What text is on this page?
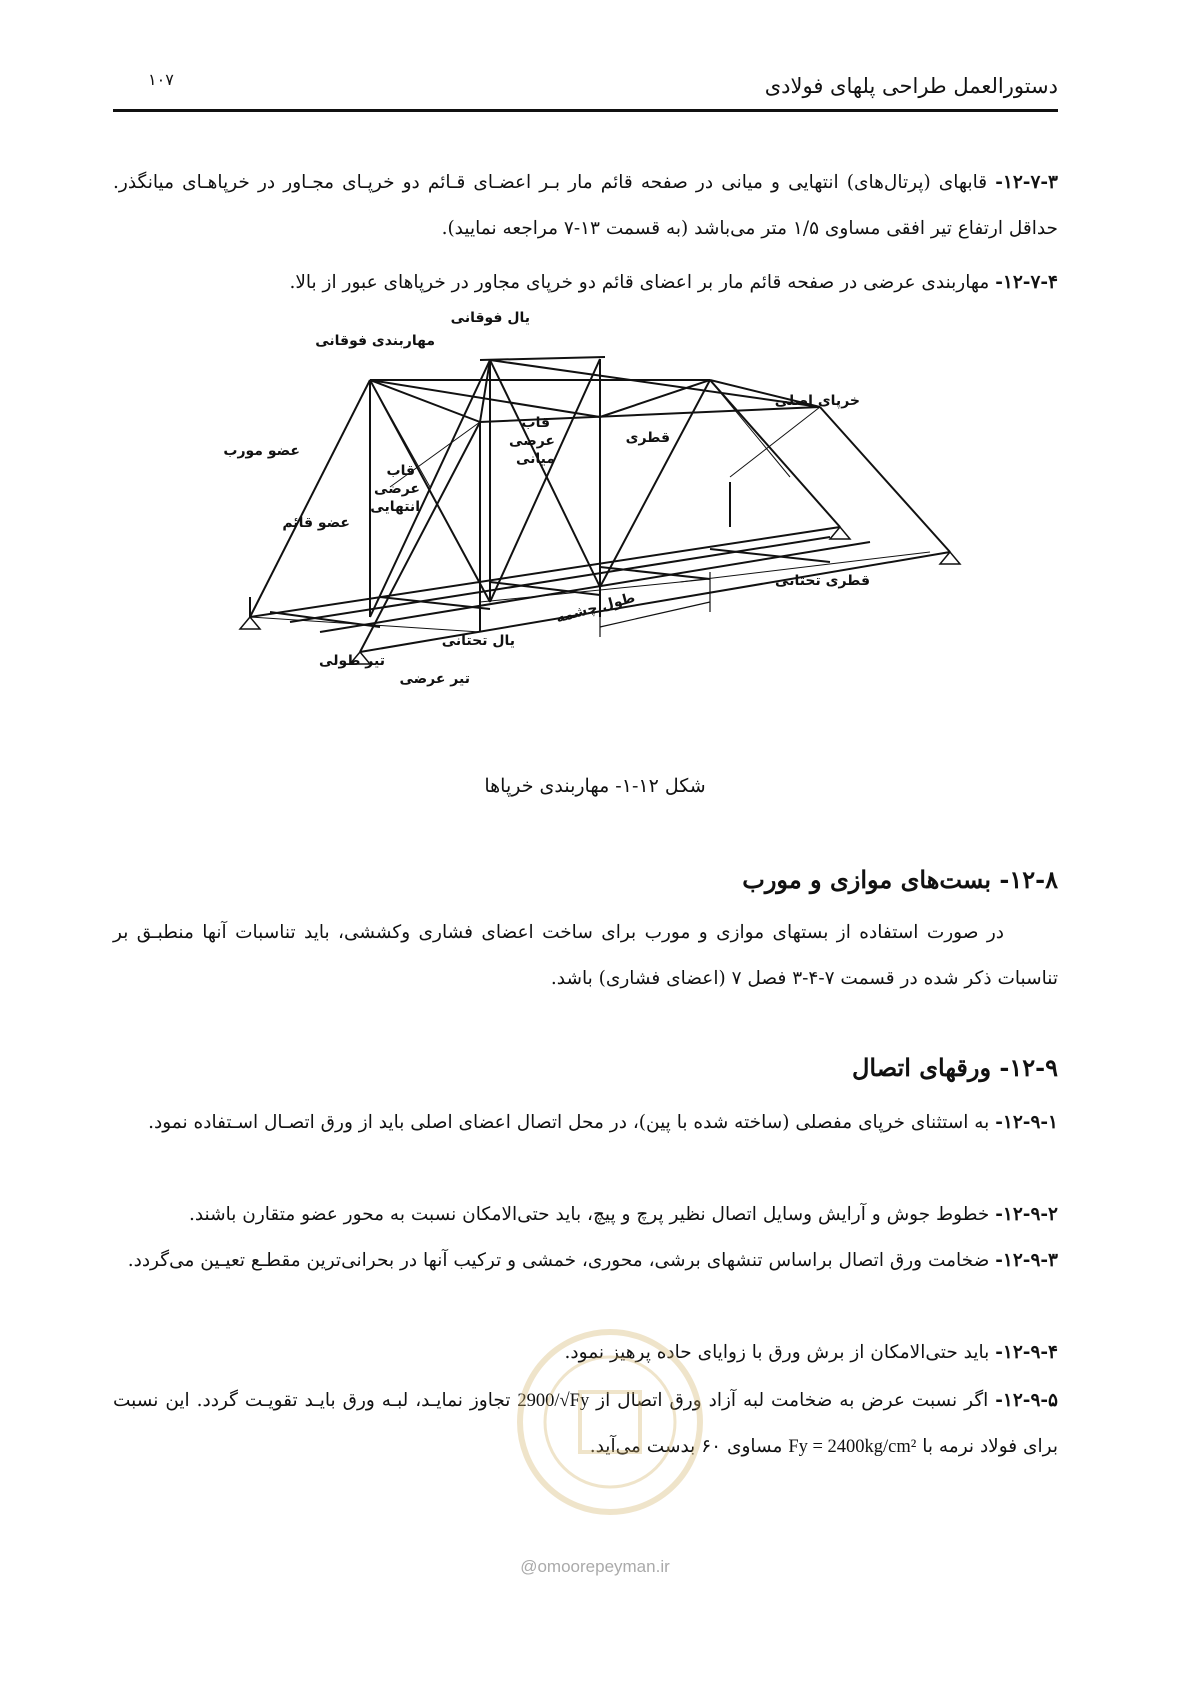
دستورالعمل طراحی پلهای فولادی
۱۰۷
۱۲-۷-۳- قابهای (پرتال‌های) انتهایی و میانی در صفحه قائم مار بـر اعضـای قـائم دو خرپـای مجـاور در خرپاهـای میانگذر. حداقل ارتفاع تیر افقی مساوی ۱/۵ متر می‌باشد (به قسمت ۱۳-۷ مراجعه نمایید).
۱۲-۷-۴- مهاربندی عرضی در صفحه قائم مار بر اعضای قائم دو خرپای مجاور در خرپاهای عبور از بالا.
یال فوقانی
مهاربندی فوقانی
خرپای اصلی
قاب
عرضی
میانی
قطری
عضو مورب
قاب
عرضی
انتهایی
عضو قائم
قطری تحتانی
طول چشمه
یال تحتانی
تیر طولی
تیر عرضی
شکل ۱۲-۱- مهاربندی خرپاها
۱۲-۸- بست‌های موازی و مورب
در صورت استفاده از بستهای موازی و مورب برای ساخت اعضای فشاری وکششی، باید تناسبات آنها منطبـق بر تناسبات ذکر شده در قسمت ۷-۴-۳ فصل ۷ (اعضای فشاری) باشد.
۱۲-۹- ورقهای اتصال
۱۲-۹-۱- به استثنای خرپای مفصلی (ساخته شده با پین)، در محل اتصال اعضای اصلی باید از ورق اتصـال اسـتفاده نمود.
۱۲-۹-۲- خطوط جوش و آرایش وسایل اتصال نظیر پرچ و پیچ، باید حتی‌الامکان نسبت به محور عضو متقارن باشند.
۱۲-۹-۳- ضخامت ورق اتصال براساس تنشهای برشی، محوری، خمشی و ترکیب آنها در بحرانی‌ترین مقطـع تعیـین می‌گردد.
۱۲-۹-۴- باید حتی‌الامکان از برش ورق با زوایای حاده پرهیز نمود.
۱۲-۹-۵- اگر نسبت عرض به ضخامت لبه آزاد ورق اتصال از 2900/√Fy تجاوز نمایـد، لبـه ورق بایـد تقویـت گردد. این نسبت برای فولاد نرمه با Fy = 2400kg/cm² مساوی ۶۰ بدست می‌آید.
@omoorepeyman.ir
